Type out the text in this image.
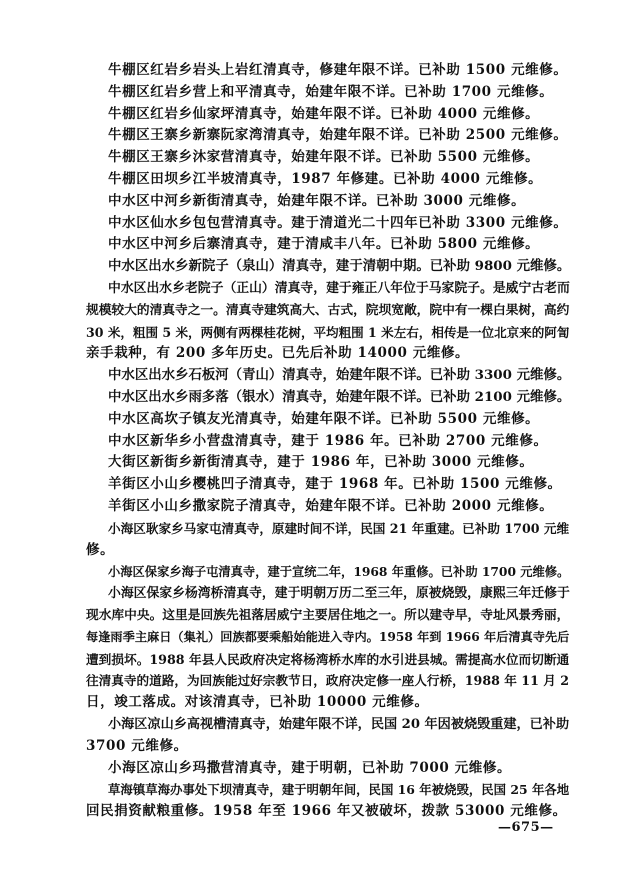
牛棚区红岩乡岩头上岩红清真寺，修建年限不详。已补助 1500 元维修。
牛棚区红岩乡营上和平清真寺，始建年限不详。已补助 1700 元维修。
牛棚区红岩乡仙家坪清真寺，始建年限不详。已补助 4000 元维修。
牛棚区王寨乡新寨阮家湾清真寺，始建年限不详。已补助 2500 元维修。
牛棚区王寨乡沐家营清真寺，始建年限不详。已补助 5500 元维修。
牛棚区田坝乡江半坡清真寺，1987 年修建。已补助 4000 元维修。
中水区中河乡新街清真寺，始建年限不详。已补助 3000 元维修。
中水区仙水乡包包营清真寺。建于清道光二十四年已补助 3300 元维修。
中水区中河乡后寨清真寺，建于清咸丰八年。已补助 5800 元维修。
中水区出水乡新院子（泉山）清真寺，建于清朝中期。已补助 9800 元维修。
中水区出水乡老院子（正山）清真寺，建于雍正八年位于马家院子。是威宁古老而
规模较大的清真寺之一。清真寺建筑高大、古式，院坝宽敞，院中有一棵白果树，高约
30 米，粗围 5 米，两侧有两棵桂花树，平均粗围 1 米左右，相传是一位北京来的阿訇
亲手栽种，有 200 多年历史。已先后补助 14000 元维修。
中水区出水乡石板河（青山）清真寺，始建年限不详。已补助 3300 元维修。
中水区出水乡雨多落（银水）清真寺，始建年限不详。已补助 2100 元维修。
中水区高坎子镇友光清真寺，始建年限不详。已补助 5500 元维修。
中水区新华乡小营盘清真寺，建于 1986 年。已补助 2700 元维修。
大街区新街乡新街清真寺，建于 1986 年，已补助 3000 元维修。
羊街区小山乡樱桃凹子清真寺，建于 1968 年。已补助 1500 元维修。
羊街区小山乡撒家院子清真寺，始建年限不详。已补助 2000 元维修。
小海区耿家乡马家屯清真寺，原建时间不详，民国 21 年重建。已补助 1700 元维
修。
小海区保家乡海子屯清真寺，建于宣统二年，1968 年重修。已补助 1700 元维修。
小海区保家乡杨湾桥清真寺，建于明朝万历二至三年，原被烧毁，康熙三年迁修于
现水库中央。这里是回族先祖落居威宁主要居住地之一。所以建寺早，寺址风景秀丽，
每逢雨季主麻日（集礼）回族都要乘船始能进入寺内。1958 年到 1966 年后清真寺先后
遭到损坏。1988 年县人民政府决定将杨湾桥水库的水引进县城。需提高水位而切断通
往清真寺的道路，为回族能过好宗教节日，政府决定修一座人行桥，1988 年 11 月 2
日，竣工落成。对该清真寺，已补助 10000 元维修。
小海区凉山乡高视槽清真寺，始建年限不详，民国 20 年因被烧毁重建，已补助
3700 元维修。
小海区凉山乡玛撒营清真寺，建于明朝，已补助 7000 元维修。
草海镇草海办事处下坝清真寺，建于明朝年间，民国 16 年被烧毁，民国 25 年各地
回民捐资献粮重修。1958 年至 1966 年又被破坏，拨款 53000 元维修。
—675—
